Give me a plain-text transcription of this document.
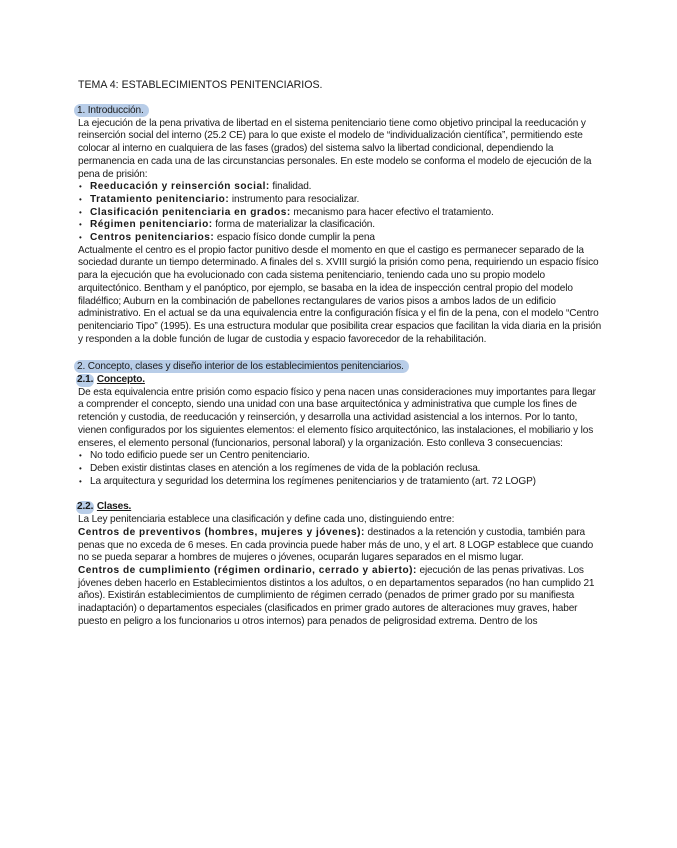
TEMA 4: ESTABLECIMIENTOS PENITENCIARIOS.
1. Introducción.

La ejecución de la pena privativa de libertad en el sistema penitenciario tiene como objetivo principal la reeducación y reinserción social del interno (25.2 CE) para lo que existe el modelo de “individualización científica”, permitiendo este colocar al interno en cualquiera de las fases (grados) del sistema salvo la libertad condicional, dependiendo la permanencia en cada una de las circunstancias personales. En este modelo se conforma el modelo de ejecución de la pena de prisión:

• Reeducación y reinserción social: finalidad.
• Tratamiento penitenciario: instrumento para resocializar.
• Clasificación penitenciaria en grados: mecanismo para hacer efectivo el tratamiento.
• Régimen penitenciario: forma de materializar la clasificación.
• Centros penitenciarios: espacio físico donde cumplir la pena

Actualmente el centro es el propio factor punitivo desde el momento en que el castigo es permanecer separado de la sociedad durante un tiempo determinado. A finales del s. XVIII surgió la prisión como pena, requiriendo un espacio físico para la ejecución que ha evolucionado con cada sistema penitenciario, teniendo cada uno su propio modelo arquitectónico. Bentham y el panóptico, por ejemplo, se basaba en la idea de inspección central propio del modelo filadélfico; Auburn en la combinación de pabellones rectangulares de varios pisos a ambos lados de un edificio administrativo. En el actual se da una equivalencia entre la configuración física y el fin de la pena, con el modelo “Centro penitenciario Tipo” (1995). Es una estructura modular que posibilita crear espacios que facilitan la vida diaria en la prisión y responden a la doble función de lugar de custodia y espacio favorecedor de la rehabilitación.

2. Concepto, clases y diseño interior de los establecimientos penitenciarios.
2.1. Concepto.

De esta equivalencia entre prisión como espacio físico y pena nacen unas consideraciones muy importantes para llegar a comprender el concepto, siendo una unidad con una base arquitectónica y administrativa que cumple los fines de retención y custodia, de reeducación y reinserción, y desarrolla una actividad asistencial a los internos. Por lo tanto, vienen configurados por los siguientes elementos: el elemento físico arquitectónico, las instalaciones, el mobiliario y los enseres, el elemento personal (funcionarios, personal laboral) y la organización. Esto conlleva 3 consecuencias:

• No todo edificio puede ser un Centro penitenciario.
• Deben existir distintas clases en atención a los regímenes de vida de la población reclusa.
• La arquitectura y seguridad los determina los regímenes penitenciarios y de tratamiento (art. 72 LOGP)
2.2. Clases.

La Ley penitenciaria establece una clasificación y define cada uno, distinguiendo entre:

Centros de preventivos (hombres, mujeres y jóvenes): destinados a la retención y custodia, también para penas que no exceda de 6 meses. En cada provincia puede haber más de uno, y el art. 8 LOGP establece que cuando no se pueda separar a hombres de mujeres o jóvenes, ocuparán lugares separados en el mismo lugar.

Centros de cumplimiento (régimen ordinario, cerrado y abierto): ejecución de las penas privativas. Los jóvenes deben hacerlo en Establecimientos distintos a los adultos, o en departamentos separados (no han cumplido 21 años). Existirán establecimientos de cumplimiento de régimen cerrado (penados de primer grado por su manifiesta inadaptación) o departamentos especiales (clasificados en primer grado autores de alteraciones muy graves, haber puesto en peligro a los funcionarios u otros internos) para penados de peligrosidad extrema. Dentro de los
